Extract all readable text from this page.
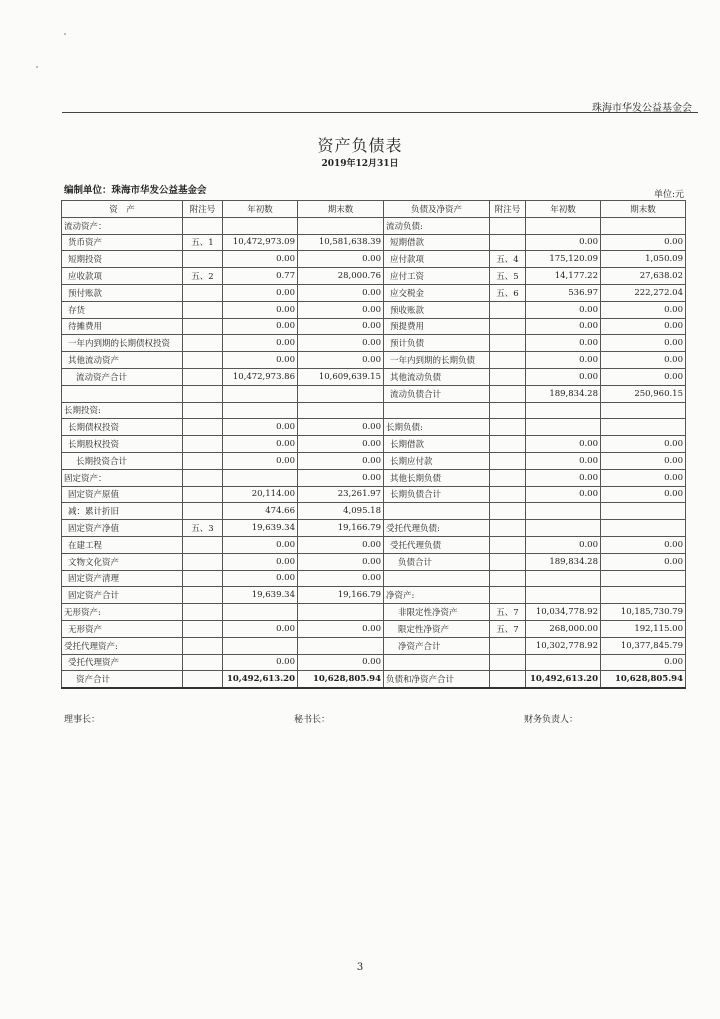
珠海市华发公益基金会
资产负债表
2019年12月31日
编制单位：珠海市华发公益基金会	单位:元
资　产	附注号	年初数	期末数	负债及净资产	附注号	年初数	期末数
流动资产：				流动负债:			
货币资产	五、1	10,472,973.09	10,581,638.39	短期借款		0.00	0.00
短期投资		0.00	0.00	应付款项	五、4	175,120.09	1,050.09
应收款项	五、2	0.77	28,000.76	应付工资	五、5	14,177.22	27,638.02
预付账款		0.00	0.00	应交税金	五、6	536.97	222,272.04
存货		0.00	0.00	预收账款		0.00	0.00
待摊费用		0.00	0.00	预提费用		0.00	0.00
一年内到期的长期债权投资		0.00	0.00	预计负债		0.00	0.00
其他流动资产		0.00	0.00	一年内到期的长期负债		0.00	0.00
流动资产合计		10,472,973.86	10,609,639.15	其他流动负债		0.00	0.00
				流动负债合计		189,834.28	250,960.15
长期投资:							
长期债权投资		0.00	0.00	长期负债:			
长期股权投资		0.00	0.00	长期借款		0.00	0.00
长期投资合计		0.00	0.00	长期应付款		0.00	0.00
固定资产：			0.00	其他长期负债		0.00	0.00
固定资产原值		20,114.00	23,261.97	长期负债合计		0.00	0.00
减：累计折旧		474.66	4,095.18				
固定资产净值	五、3	19,639.34	19,166.79	受托代理负债:			
在建工程		0.00	0.00	受托代理负债		0.00	0.00
文物文化资产		0.00	0.00	负债合计		189,834.28	0.00
固定资产清理		0.00	0.00				
固定资产合计		19,639.34	19,166.79	净资产:			
无形资产:				非限定性净资产	五、7	10,034,778.92	10,185,730.79
无形资产		0.00	0.00	限定性净资产	五、7	268,000.00	192,115.00
受托代理资产:				净资产合计		10,302,778.92	10,377,845.79
受托代理资产		0.00	0.00				0.00
资产合计		10,492,613.20	10,628,805.94	负债和净资产合计		10,492,613.20	10,628,805.94
理事长：	秘书长：	财务负责人：
3
